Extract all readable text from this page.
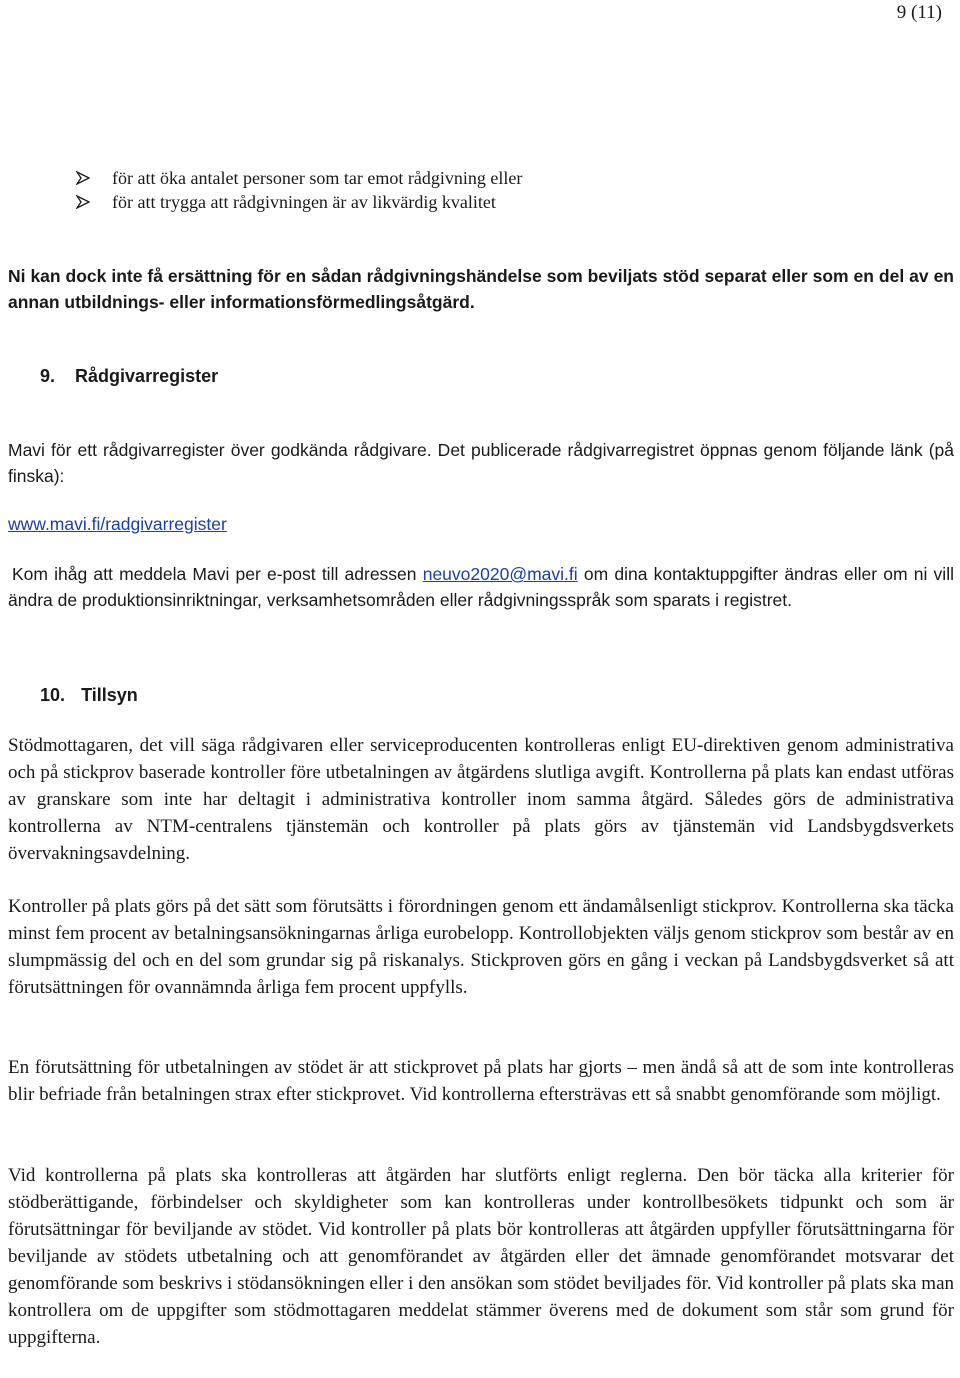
9 (11)
för att öka antalet personer som tar emot rådgivning eller
för att trygga att rådgivningen är av likvärdig kvalitet

Ni kan dock inte få ersättning för en sådan rådgivningshändelse som beviljats stöd separat eller som en del av en annan utbildnings- eller informationsförmedlingsåtgärd.

9. Rådgivarregister

Mavi för ett rådgivarregister över godkända rådgivare. Det publicerade rådgivarregistret öppnas genom följande länk (på finska):

www.mavi.fi/radgivarregister

Kom ihåg att meddela Mavi per e-post till adressen neuvo2020@mavi.fi om dina kontaktuppgifter ändras eller om ni vill ändra de produktionsinriktningar, verksamhetsområden eller rådgivningsspråk som sparats i registret.

10. Tillsyn

Stödmottagaren, det vill säga rådgivaren eller serviceproducenten kontrolleras enligt EU-direktiven genom administrativa och på stickprov baserade kontroller före utbetalningen av åtgärdens slutliga avgift. Kontrollerna på plats kan endast utföras av granskare som inte har deltagit i administrativa kontroller inom samma åtgärd. Således görs de administrativa kontrollerna av NTM-centralens tjänstemän och kontroller på plats görs av tjänstemän vid Landsbygdsverkets övervakningsavdelning.

Kontroller på plats görs på det sätt som förutsätts i förordningen genom ett ändamålsenligt stickprov. Kontrollerna ska täcka minst fem procent av betalningsansökningarnas årliga eurobelopp. Kontrollobjekten väljs genom stickprov som består av en slumpmässig del och en del som grundar sig på riskanalys. Stickproven görs en gång i veckan på Landsbygdsverket så att förutsättningen för ovannämnda årliga fem procent uppfylls.

En förutsättning för utbetalningen av stödet är att stickprovet på plats har gjorts – men ändå så att de som inte kontrolleras blir befriade från betalningen strax efter stickprovet. Vid kontrollerna eftersträvas ett så snabbt genomförande som möjligt.

Vid kontrollerna på plats ska kontrolleras att åtgärden har slutförts enligt reglerna. Den bör täcka alla kriterier för stödberättigande, förbindelser och skyldigheter som kan kontrolleras under kontrollbesökets tidpunkt och som är förutsättningar för beviljande av stödet. Vid kontroller på plats bör kontrolleras att åtgärden uppfyller förutsättningarna för beviljande av stödets utbetalning och att genomförandet av åtgärden eller det ämnade genomförandet motsvarar det genomförande som beskrivs i stödansökningen eller i den ansökan som stödet beviljades för. Vid kontroller på plats ska man kontrollera om de uppgifter som stödmottagaren meddelat stämmer överens med de dokument som står som grund för uppgifterna.
